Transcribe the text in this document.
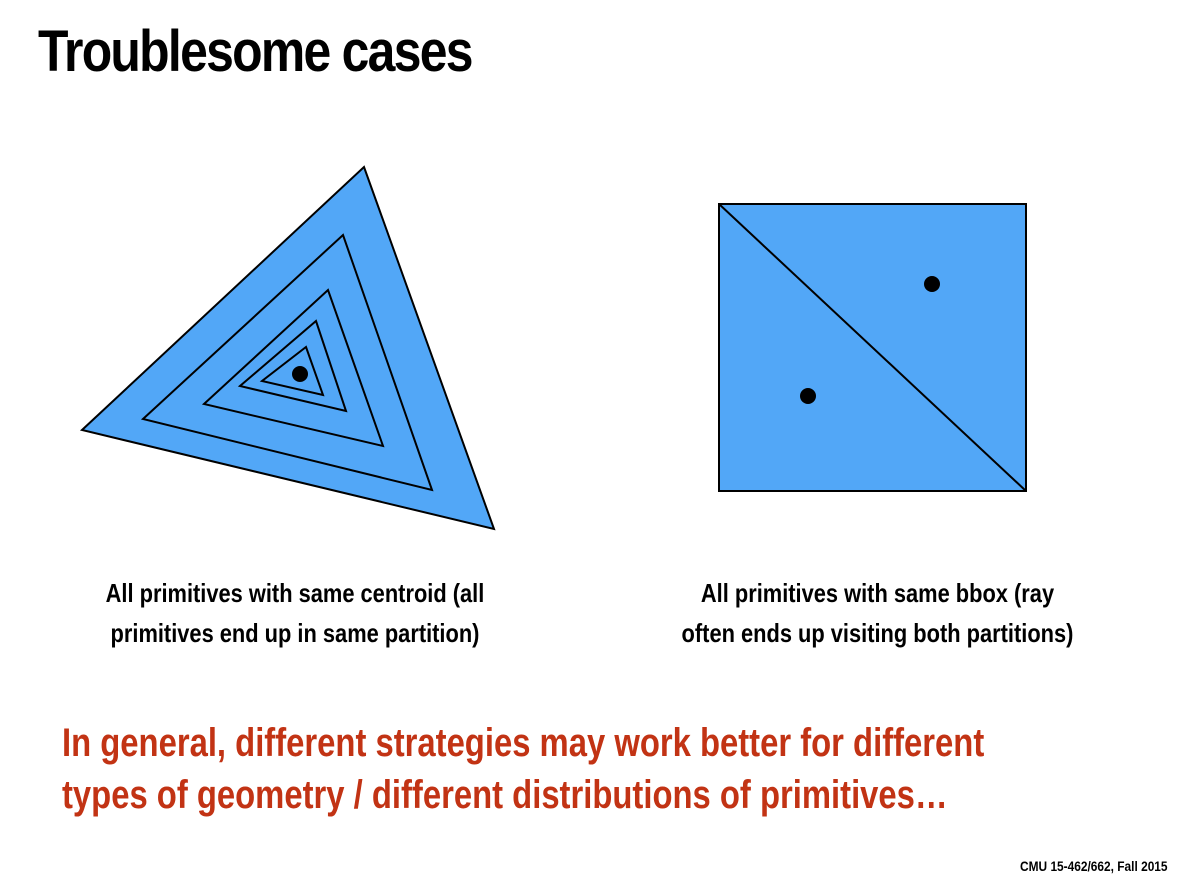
Troublesome cases
All primitives with same centroid (all
primitives end up in same partition)
All primitives with same bbox (ray
often ends up visiting both partitions)
In general, different strategies may work better for different
types of geometry / different distributions of primitives…
CMU 15-462/662, Fall 2015
